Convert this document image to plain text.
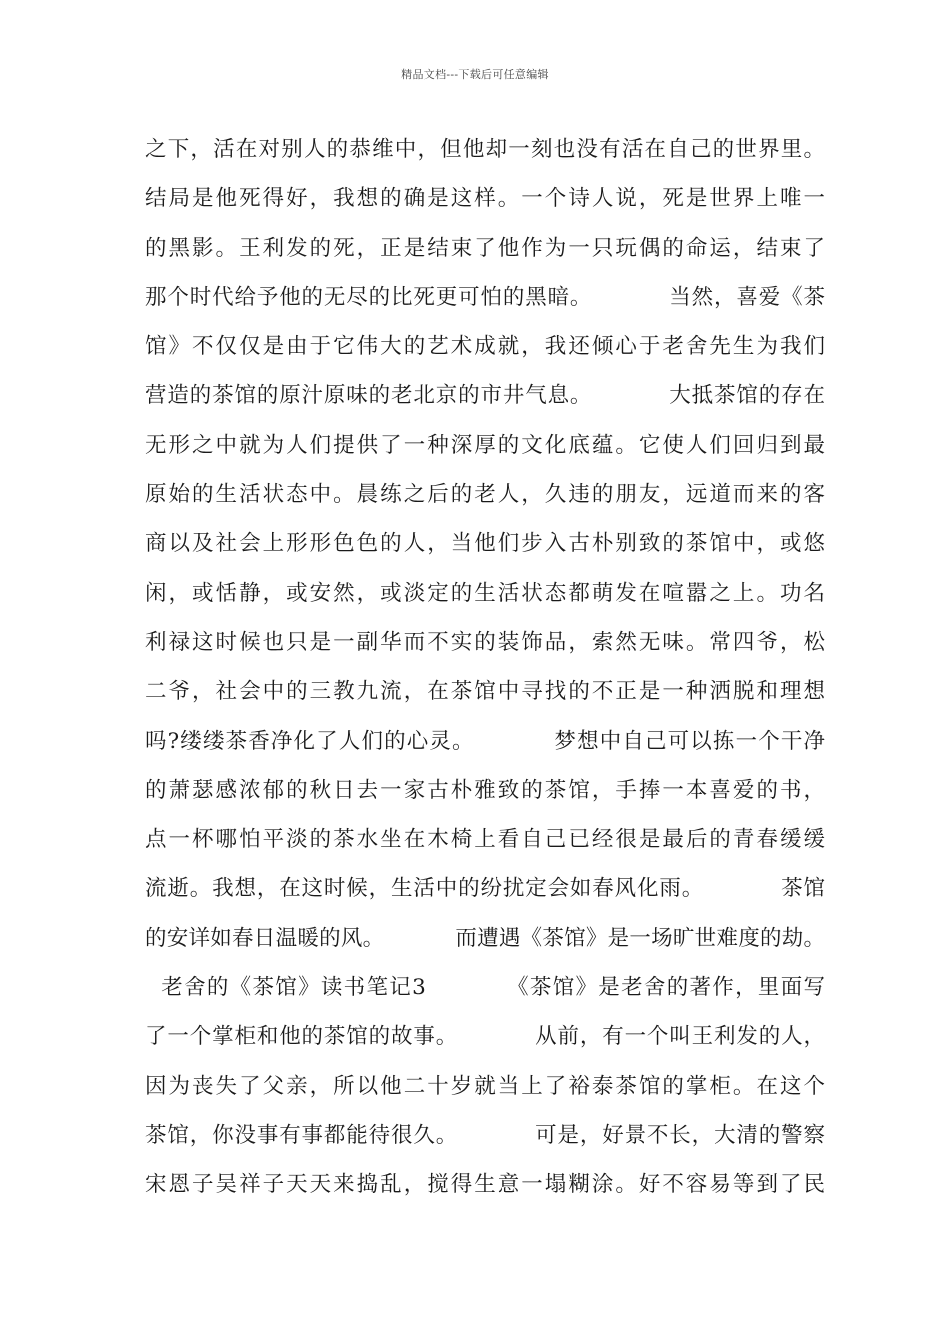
精品文档---下载后可任意编辑
之下，活在对别人的恭维中，但他却一刻也没有活在自己的世界里。
结局是他死得好，我想的确是这样。一个诗人说，死是世界上唯一
的黑影。王利发的死，正是结束了他作为一只玩偶的命运，结束了
那个时代给予他的无尽的比死更可怕的黑暗。          当然，喜爱《茶
馆》不仅仅是由于它伟大的艺术成就，我还倾心于老舍先生为我们
营造的茶馆的原汁原味的老北京的市井气息。          大抵茶馆的存在
无形之中就为人们提供了一种深厚的文化底蕴。它使人们回归到最
原始的生活状态中。晨练之后的老人，久违的朋友，远道而来的客
商以及社会上形形色色的人，当他们步入古朴别致的茶馆中，或悠
闲，或恬静，或安然，或淡定的生活状态都萌发在喧嚣之上。功名
利禄这时候也只是一副华而不实的装饰品，索然无味。常四爷，松
二爷，社会中的三教九流，在茶馆中寻找的不正是一种洒脱和理想
吗?缕缕茶香净化了人们的心灵。          梦想中自己可以拣一个干净
的萧瑟感浓郁的秋日去一家古朴雅致的茶馆，手捧一本喜爱的书，
点一杯哪怕平淡的茶水坐在木椅上看自己已经很是最后的青春缓缓
流逝。我想，在这时候，生活中的纷扰定会如春风化雨。          茶馆
的安详如春日温暖的风。          而遭遇《茶馆》是一场旷世难度的劫。
老舍的《茶馆》读书笔记3          《茶馆》是老舍的著作，里面写
了一个掌柜和他的茶馆的故事。          从前，有一个叫王利发的人，
因为丧失了父亲，所以他二十岁就当上了裕泰茶馆的掌柜。在这个
茶馆，你没事有事都能待很久。          可是，好景不长，大清的警察
宋恩子吴祥子天天来捣乱，搅得生意一塌糊涂。好不容易等到了民
